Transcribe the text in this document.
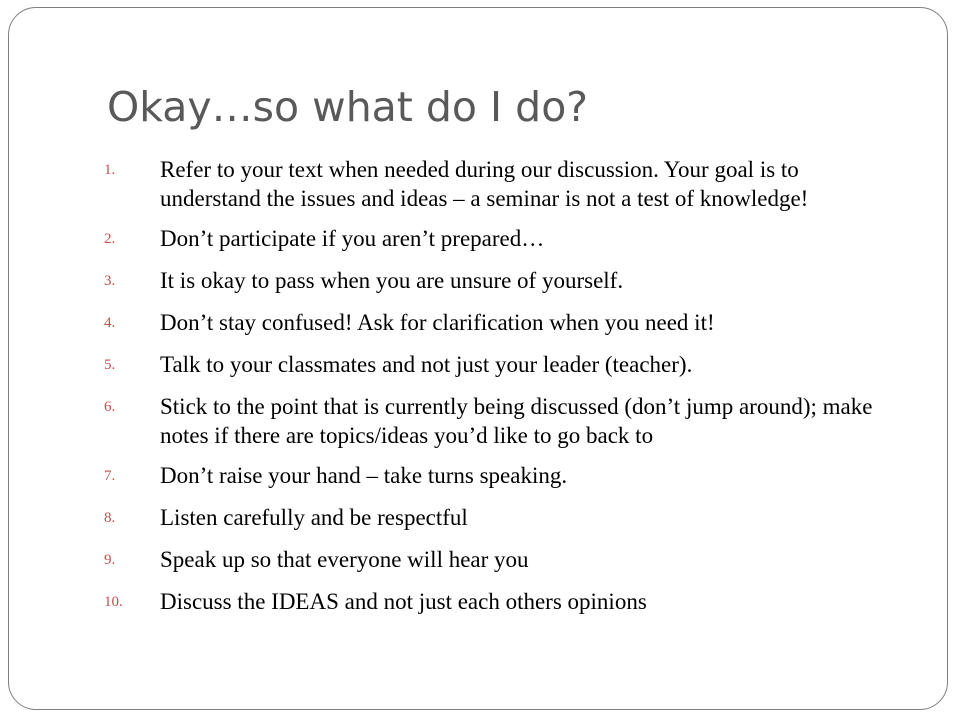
Okay…so what do I do?
1.	Refer to your text when needed during our discussion. Your goal is to understand the issues and ideas – a seminar is not a test of knowledge!
2.	Don’t participate if you aren’t prepared…
3.	It is okay to pass when you are unsure of yourself.
4.	Don’t stay confused! Ask for clarification when you need it!
5.	Talk to your classmates and not just your leader (teacher).
6.	Stick to the point that is currently being discussed (don’t jump around); make notes if there are topics/ideas you’d like to go back to
7.	Don’t raise your hand – take turns speaking.
8.	Listen carefully and be respectful
9.	Speak up so that everyone will hear you
10.	Discuss the IDEAS and not just each others opinions
